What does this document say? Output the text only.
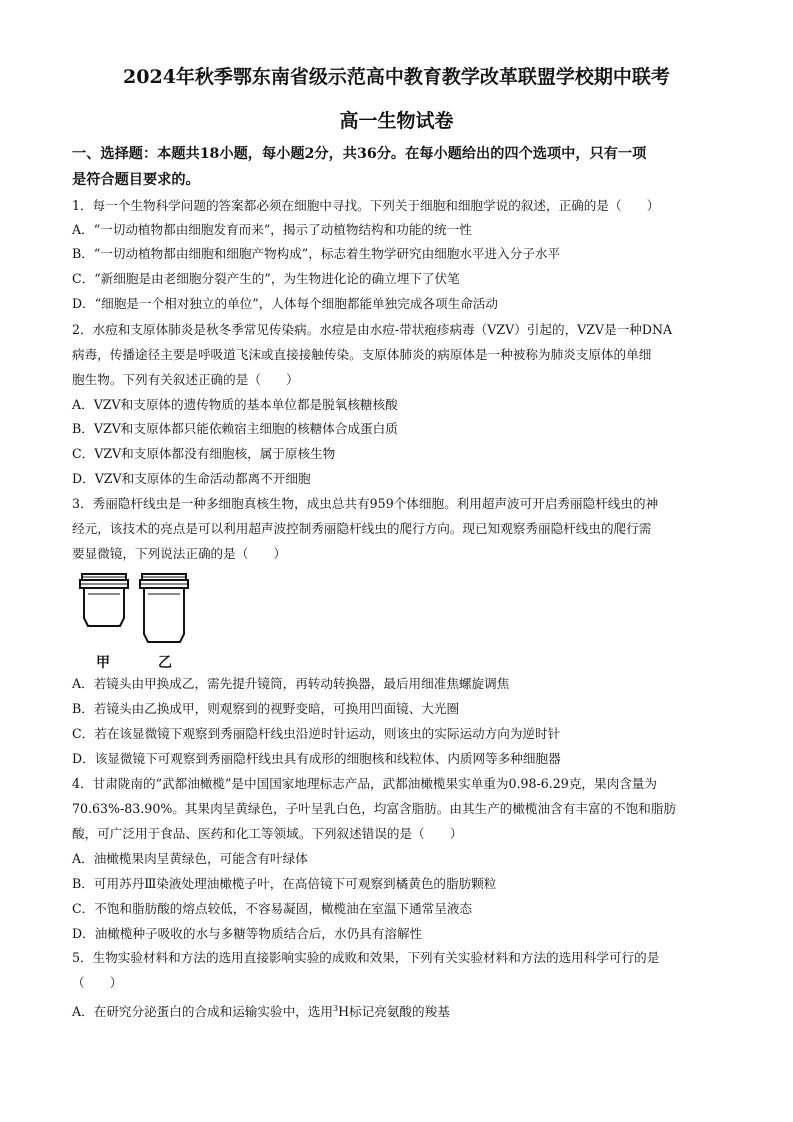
2024年秋季鄂东南省级示范高中教育教学改革联盟学校期中联考
高一生物试卷
一、选择题：本题共18小题，每小题2分，共36分。在每小题给出的四个选项中，只有一项
是符合题目要求的。
1．每一个生物科学问题的答案都必须在细胞中寻找。下列关于细胞和细胞学说的叙述，正确的是（　　）
A．“一切动植物都由细胞发育而来”，揭示了动植物结构和功能的统一性
B．“一切动植物都由细胞和细胞产物构成”，标志着生物学研究由细胞水平进入分子水平
C．“新细胞是由老细胞分裂产生的”，为生物进化论的确立埋下了伏笔
D．“细胞是一个相对独立的单位”，人体每个细胞都能单独完成各项生命活动
2．水痘和支原体肺炎是秋冬季常见传染病。水痘是由水痘-带状疱疹病毒（VZV）引起的，VZV是一种DNA
病毒，传播途径主要是呼吸道飞沫或直接接触传染。支原体肺炎的病原体是一种被称为肺炎支原体的单细
胞生物。下列有关叙述正确的是（　　）
A．VZV和支原体的遗传物质的基本单位都是脱氧核糖核酸
B．VZV和支原体都只能依赖宿主细胞的核糖体合成蛋白质
C．VZV和支原体都没有细胞核，属于原核生物
D．VZV和支原体的生命活动都离不开细胞
3．秀丽隐杆线虫是一种多细胞真核生物，成虫总共有959个体细胞。利用超声波可开启秀丽隐杆线虫的神
经元，该技术的亮点是可以利用超声波控制秀丽隐杆线虫的爬行方向。现已知观察秀丽隐杆线虫的爬行需
要显微镜，下列说法正确的是（　　）
甲	乙
A．若镜头由甲换成乙，需先提升镜筒，再转动转换器，最后用细准焦螺旋调焦
B．若镜头由乙换成甲，则观察到的视野变暗，可换用凹面镜、大光圈
C．若在该显微镜下观察到秀丽隐杆线虫沿逆时针运动，则该虫的实际运动方向为逆时针
D．该显微镜下可观察到秀丽隐杆线虫具有成形的细胞核和线粒体、内质网等多种细胞器
4．甘肃陇南的“武都油橄榄”是中国国家地理标志产品，武都油橄榄果实单重为0.98-6.29克，果肉含量为
70.63%-83.90%。其果肉呈黄绿色，子叶呈乳白色，均富含脂肪。由其生产的橄榄油含有丰富的不饱和脂肪
酸，可广泛用于食品、医药和化工等领域。下列叙述错误的是（　　）
A．油橄榄果肉呈黄绿色，可能含有叶绿体
B．可用苏丹Ⅲ染液处理油橄榄子叶，在高倍镜下可观察到橘黄色的脂肪颗粒
C．不饱和脂肪酸的熔点较低，不容易凝固，橄榄油在室温下通常呈液态
D．油橄榄种子吸收的水与多糖等物质结合后，水仍具有溶解性
5．生物实验材料和方法的选用直接影响实验的成败和效果，下列有关实验材料和方法的选用科学可行的是
（　　）
A．在研究分泌蛋白的合成和运输实验中，选用$^3$H标记亮氨酸的羧基
